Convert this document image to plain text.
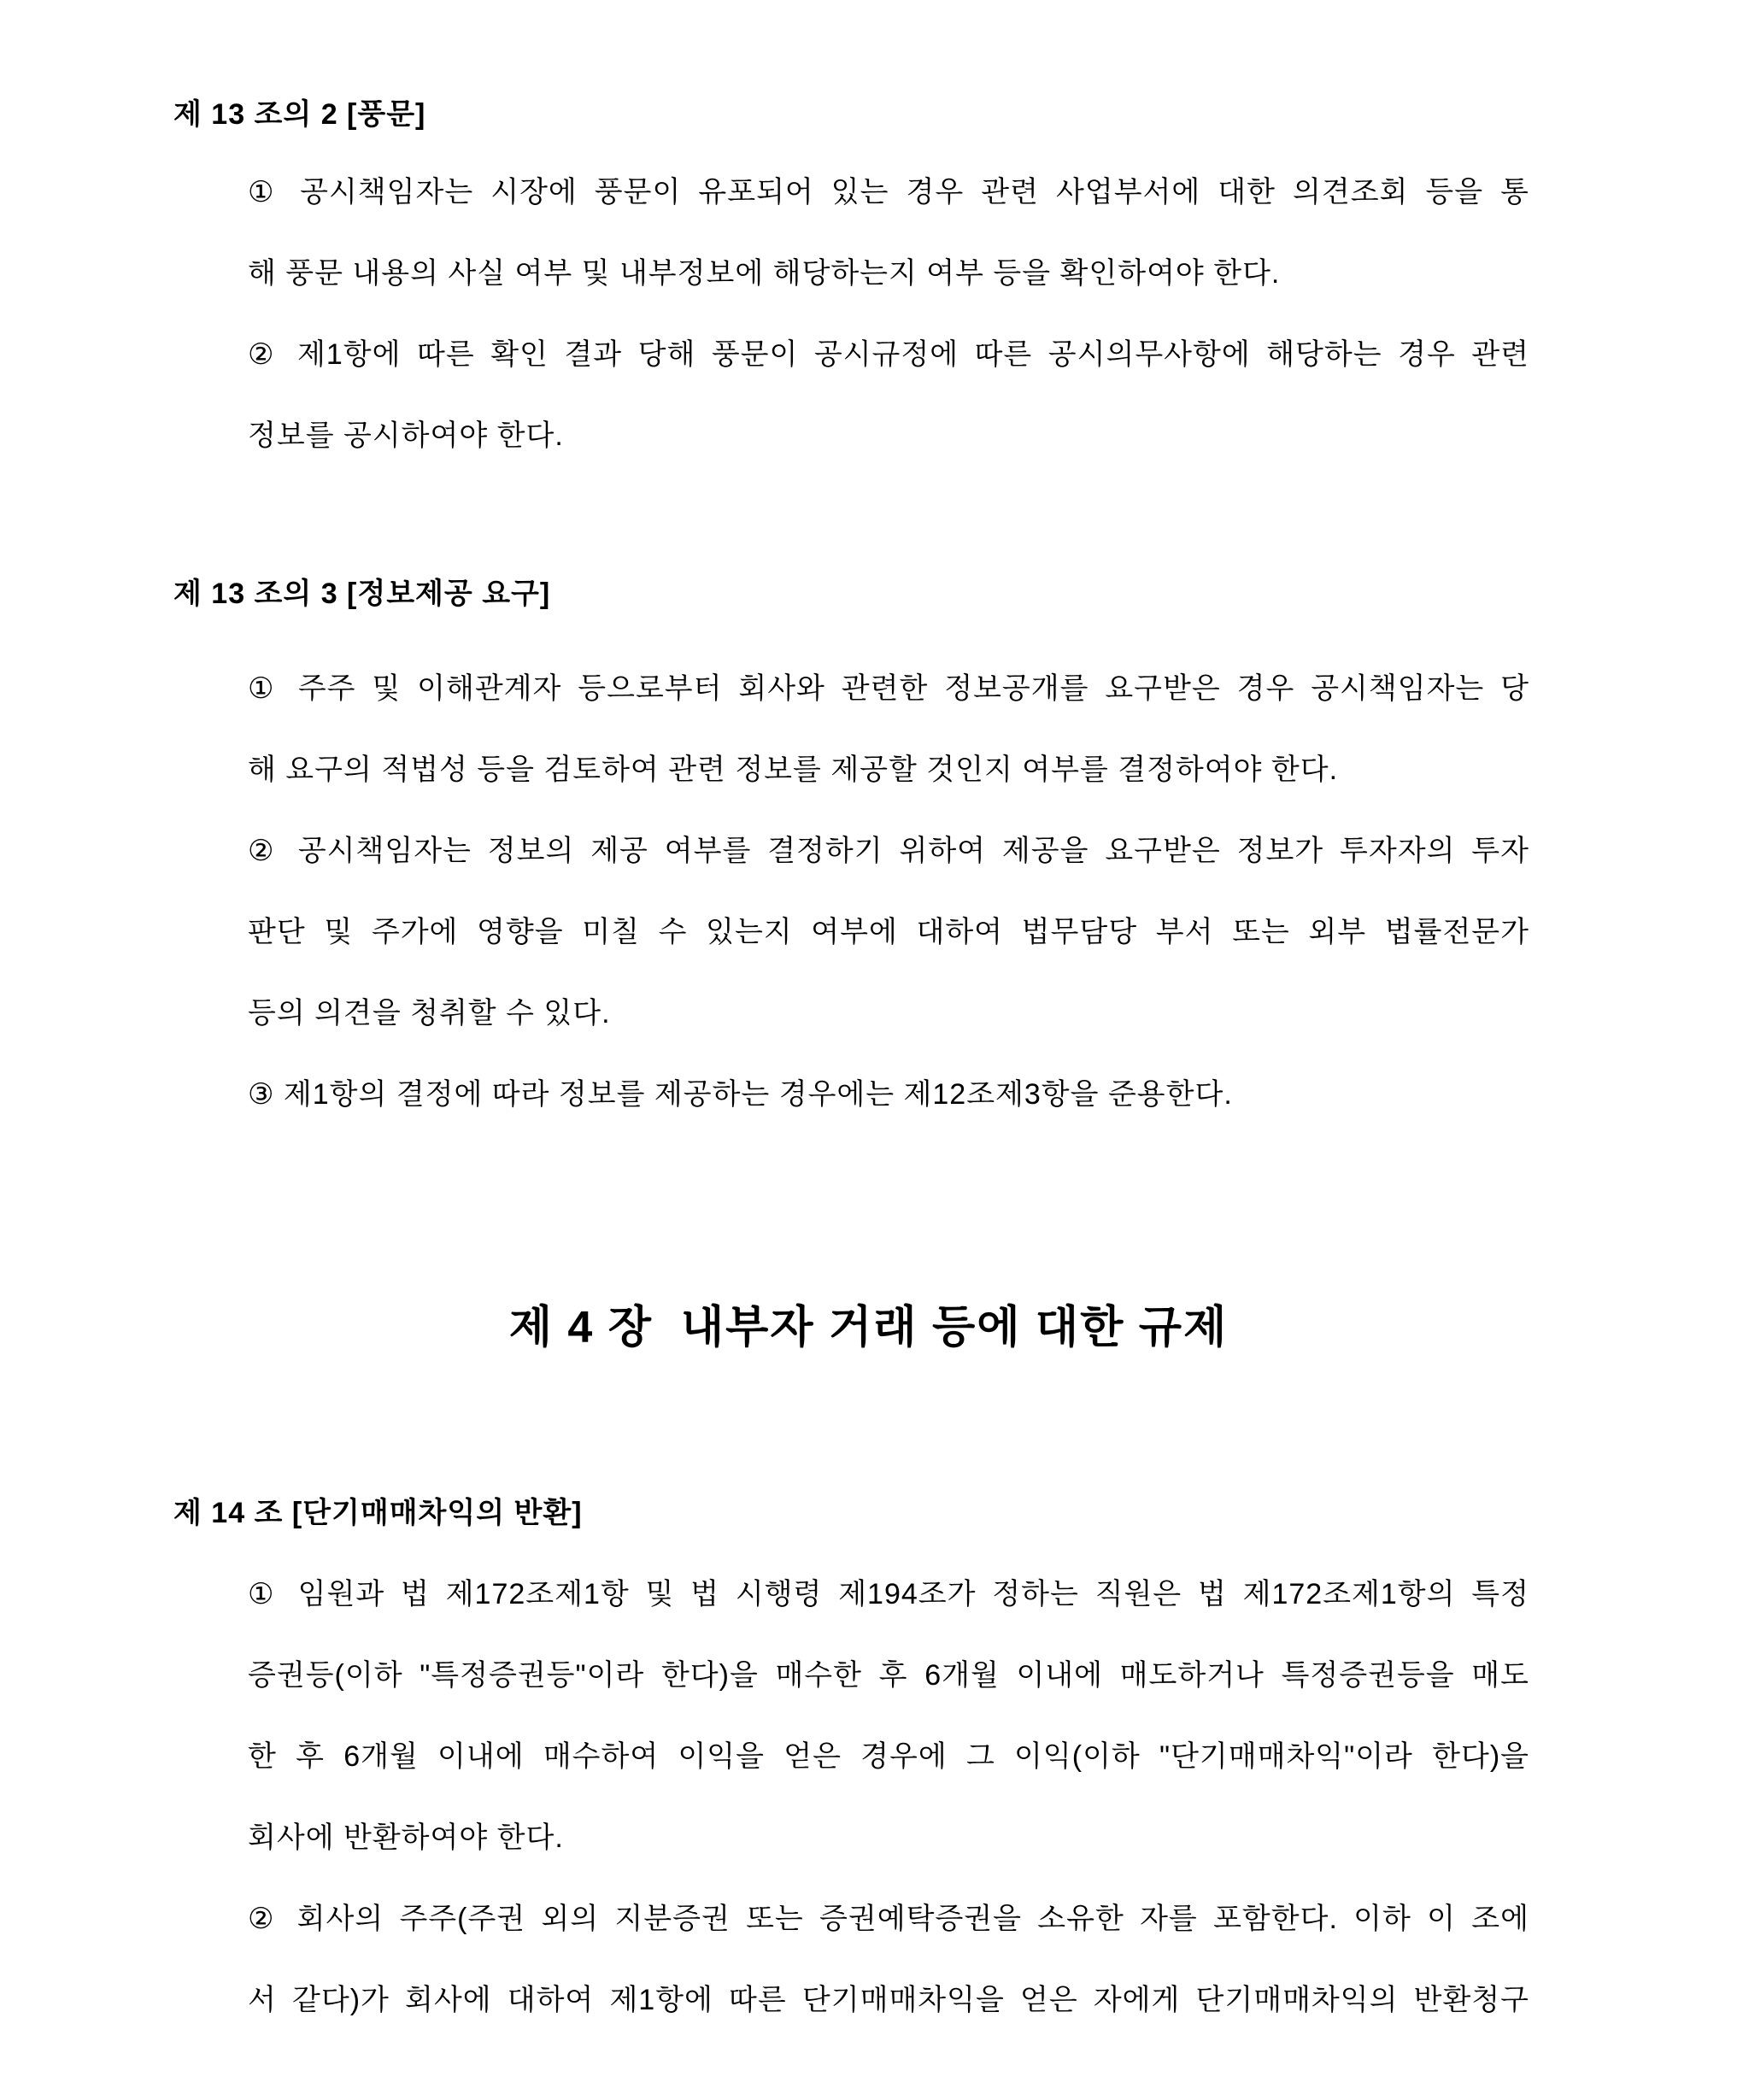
제 13 조의 2 [풍문]
① 공시책임자는 시장에 풍문이 유포되어 있는 경우 관련 사업부서에 대한 의견조회 등을 통
해 풍문 내용의 사실 여부 및 내부정보에 해당하는지 여부 등을 확인하여야 한다.
② 제1항에 따른 확인 결과 당해 풍문이 공시규정에 따른 공시의무사항에 해당하는 경우 관련
정보를 공시하여야 한다.
제 13 조의 3 [정보제공 요구]
① 주주 및 이해관계자 등으로부터 회사와 관련한 정보공개를 요구받은 경우 공시책임자는 당
해 요구의 적법성 등을 검토하여 관련 정보를 제공할 것인지 여부를 결정하여야 한다.
② 공시책임자는 정보의 제공 여부를 결정하기 위하여 제공을 요구받은 정보가 투자자의 투자
판단 및 주가에 영향을 미칠 수 있는지 여부에 대하여 법무담당 부서 또는 외부 법률전문가
등의 의견을 청취할 수 있다.
③ 제1항의 결정에 따라 정보를 제공하는 경우에는 제12조제3항을 준용한다.
제 4 장  내부자 거래 등에 대한 규제
제 14 조 [단기매매차익의 반환]
① 임원과 법 제172조제1항 및 법 시행령 제194조가 정하는 직원은 법 제172조제1항의 특정
증권등(이하 "특정증권등"이라 한다)을 매수한 후 6개월 이내에 매도하거나 특정증권등을 매도
한 후 6개월 이내에 매수하여 이익을 얻은 경우에 그 이익(이하 "단기매매차익"이라 한다)을
회사에 반환하여야 한다.
② 회사의 주주(주권 외의 지분증권 또는 증권예탁증권을 소유한 자를 포함한다. 이하 이 조에
서 같다)가 회사에 대하여 제1항에 따른 단기매매차익을 얻은 자에게 단기매매차익의 반환청구
